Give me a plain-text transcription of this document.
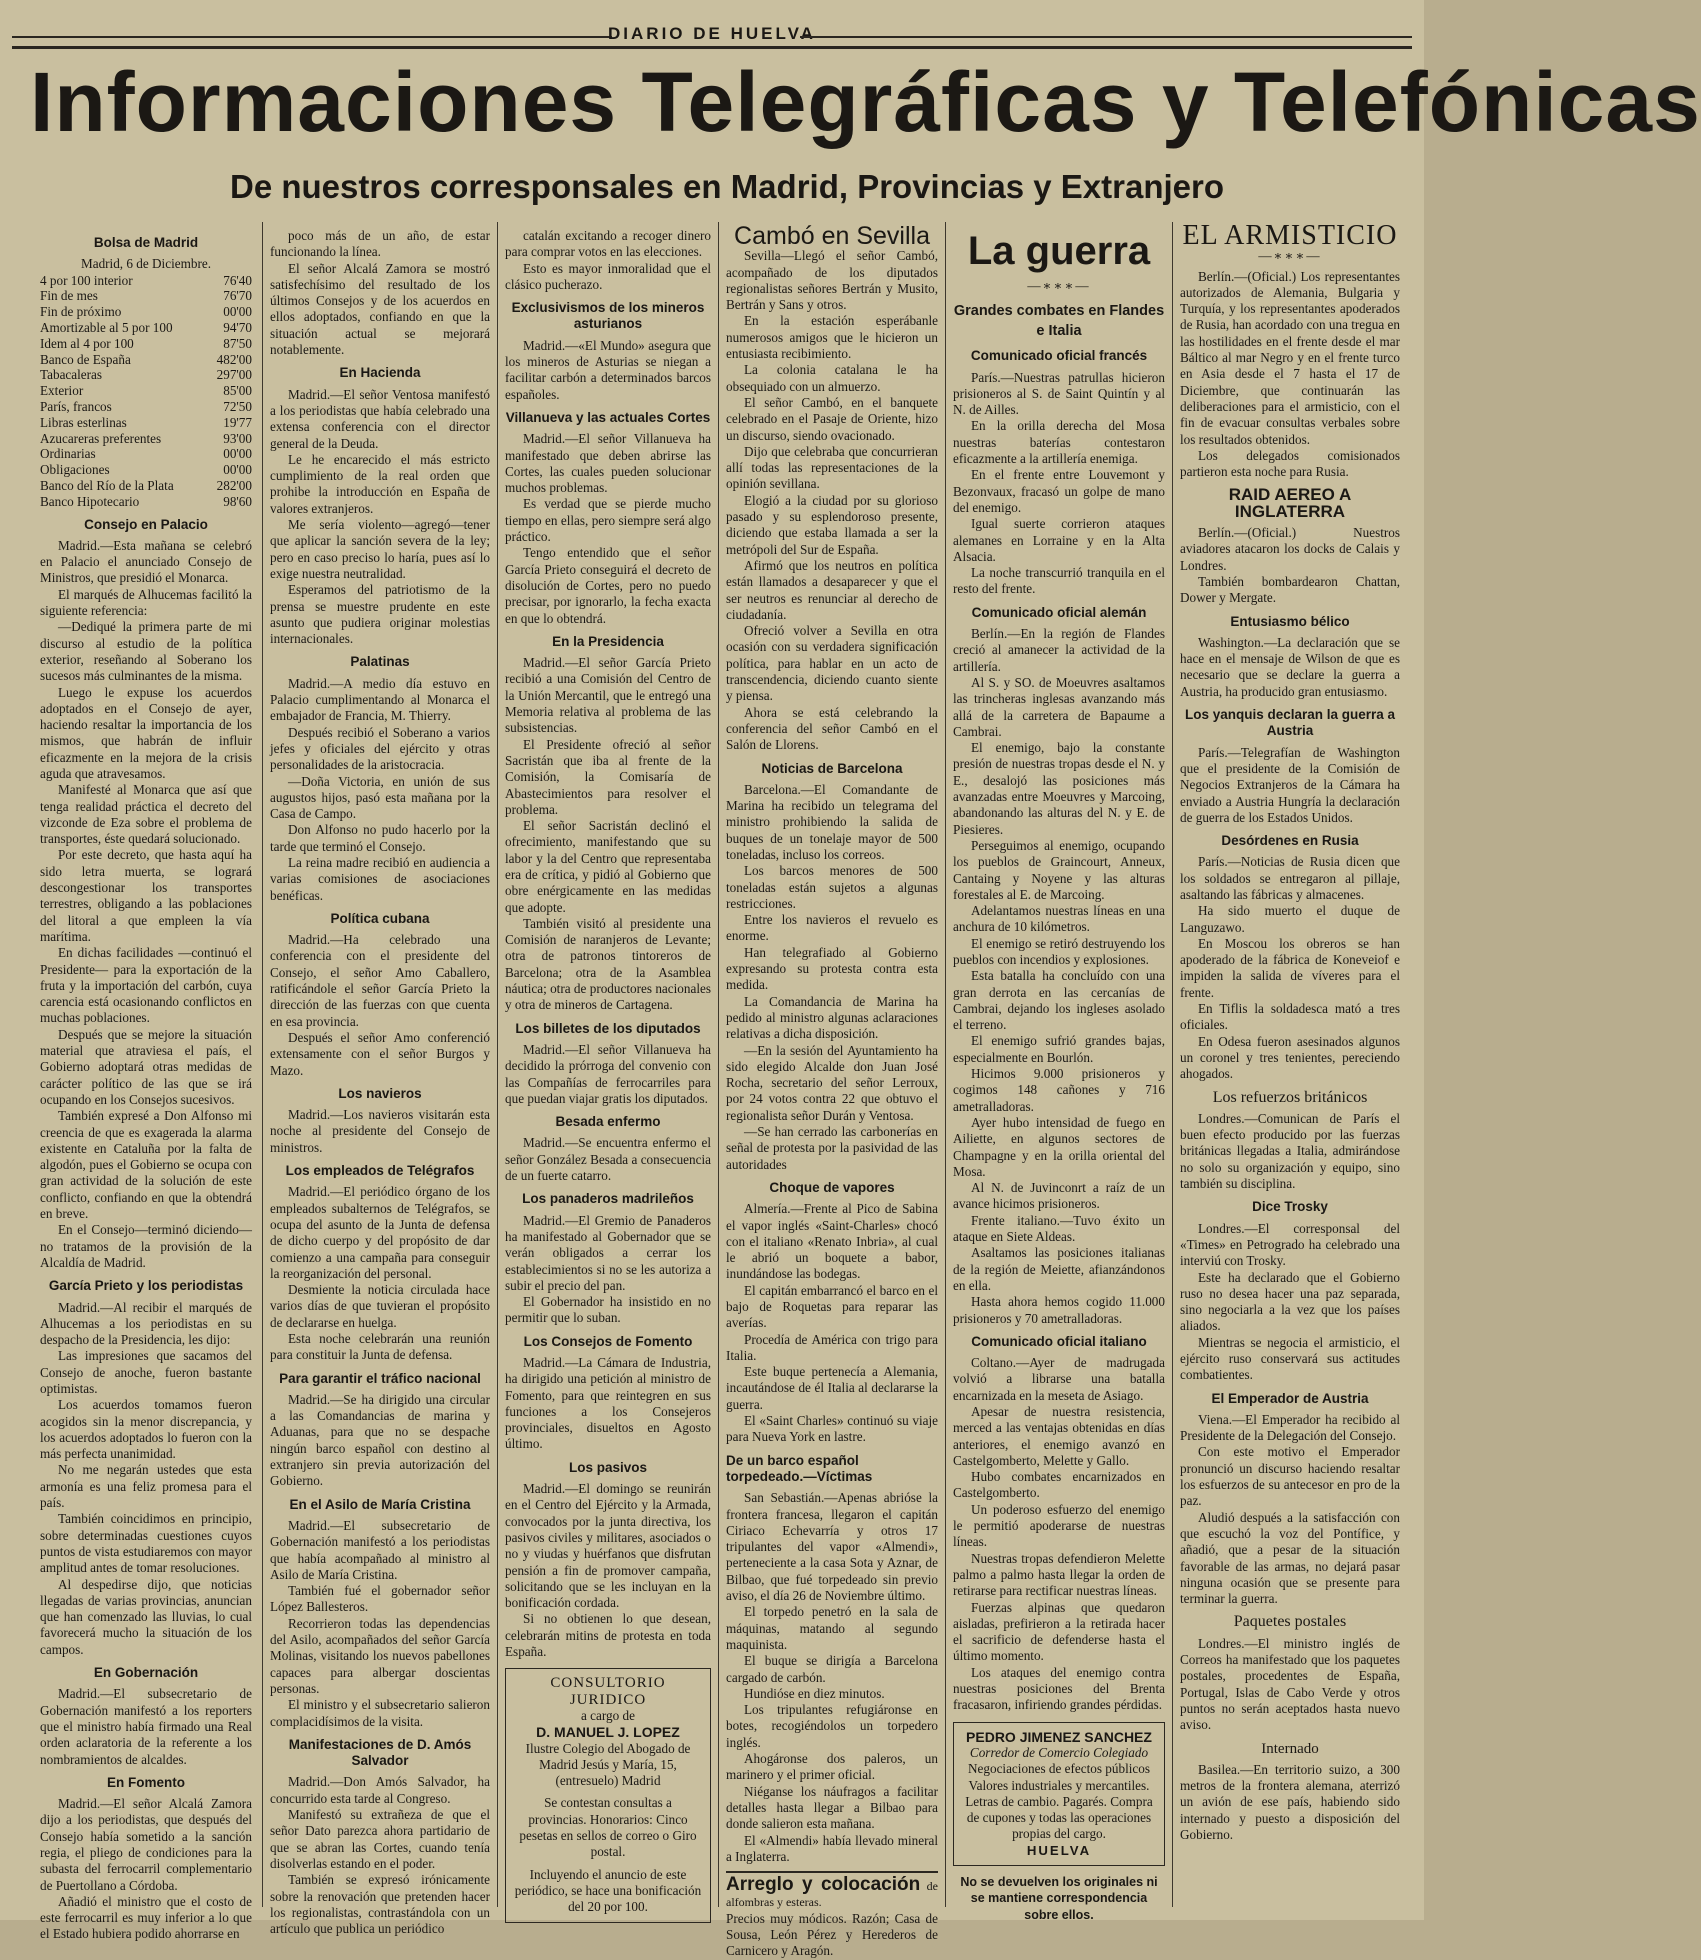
DIARIO DE HUELVA
Informaciones Telegráficas y Telefónicas
De nuestros corresponsales en Madrid, Provincias y Extranjero
Bolsa de Madrid

Madrid, 6 de Diciembre.

4 por 100 interior	76'40
Fin de mes	76'70
Fin de próximo	00'00
Amortizable al 5 por 100	94'70
Idem al 4 por 100	87'50
Banco de España	482'00
Tabacaleras	297'00
Exterior	85'00
París, francos	72'50
Libras esterlinas	19'77
Azucareras preferentes	93'00
Ordinarias	00'00
Obligaciones	00'00
Banco del Río de la Plata	282'00
Banco Hipotecario	98'60
Consejo en Palacio

Madrid.—Esta mañana se celebró en Palacio el anunciado Consejo de Ministros, que presidió el Monarca.

El marqués de Alhucemas facilitó la siguiente referencia:

—Dediqué la primera parte de mi discurso al estudio de la política exterior, reseñando al Soberano los sucesos más culminantes de la misma.

Luego le expuse los acuerdos adoptados en el Consejo de ayer, haciendo resaltar la importancia de los mismos, que habrán de influir eficazmente en la mejora de la crisis aguda que atravesamos.

Manifesté al Monarca que así que tenga realidad práctica el decreto del vizconde de Eza sobre el problema de transportes, éste quedará solucionado.

Por este decreto, que hasta aquí ha sido letra muerta, se logrará descongestionar los transportes terrestres, obligando a las poblaciones del litoral a que empleen la vía marítima.

En dichas facilidades —continuó el Presidente— para la exportación de la fruta y la importación del carbón, cuya carencia está ocasionando conflictos en muchas poblaciones.

Después que se mejore la situación material que atraviesa el país, el Gobierno adoptará otras medidas de carácter político de las que se irá ocupando en los Consejos sucesivos.

También expresé a Don Alfonso mi creencia de que es exagerada la alarma existente en Cataluña por la falta de algodón, pues el Gobierno se ocupa con gran actividad de la solución de este conflicto, confiando en que la obtendrá en breve.

En el Consejo—terminó diciendo—no tratamos de la provisión de la Alcaldía de Madrid.

García Prieto y los periodistas

Madrid.—Al recibir el marqués de Alhucemas a los periodistas en su despacho de la Presidencia, les dijo:

Las impresiones que sacamos del Consejo de anoche, fueron bastante optimistas.

Los acuerdos tomamos fueron acogidos sin la menor discrepancia, y los acuerdos adoptados lo fueron con la más perfecta unanimidad.

No me negarán ustedes que esta armonía es una feliz promesa para el país.

También coincidimos en principio, sobre determinadas cuestiones cuyos puntos de vista estudiaremos con mayor amplitud antes de tomar resoluciones.

Al despedirse dijo, que noticias llegadas de varias provincias, anuncian que han comenzado las lluvias, lo cual favorecerá mucho la situación de los campos.

En Gobernación

Madrid.—El subsecretario de Gobernación manifestó a los reporters que el ministro había firmado una Real orden aclaratoria de la referente a los nombramientos de alcaldes.

En Fomento

Madrid.—El señor Alcalá Zamora dijo a los periodistas, que después del Consejo había sometido a la sanción regia, el pliego de condiciones para la subasta del ferrocarril complementario de Puertollano a Córdoba.

Añadió el ministro que el costo de este ferrocarril es muy inferior a lo que el Estado hubiera podido ahorrarse en

poco más de un año, de estar funcionando la línea.

El señor Alcalá Zamora se mostró satisfechísimo del resultado de los últimos Consejos y de los acuerdos en ellos adoptados, confiando en que la situación actual se mejorará notablemente.

En Hacienda

Madrid.—El señor Ventosa manifestó a los periodistas que había celebrado una extensa conferencia con el director general de la Deuda.

Le he encarecido el más estricto cumplimiento de la real orden que prohibe la introducción en España de valores extranjeros.

Me sería violento—agregó—tener que aplicar la sanción severa de la ley; pero en caso preciso lo haría, pues así lo exige nuestra neutralidad.

Esperamos del patriotismo de la prensa se muestre prudente en este asunto que pudiera originar molestias internacionales.

Palatinas

Madrid.—A medio día estuvo en Palacio cumplimentando al Monarca el embajador de Francia, M. Thierry.

Después recibió el Soberano a varios jefes y oficiales del ejército y otras personalidades de la aristocracia.

—Doña Victoria, en unión de sus augustos hijos, pasó esta mañana por la Casa de Campo.

Don Alfonso no pudo hacerlo por la tarde que terminó el Consejo.

La reina madre recibió en audiencia a varias comisiones de asociaciones benéficas.

Política cubana

Madrid.—Ha celebrado una conferencia con el presidente del Consejo, el señor Amo Caballero, ratificándole el señor García Prieto la dirección de las fuerzas con que cuenta en esa provincia.

Después el señor Amo conferenció extensamente con el señor Burgos y Mazo.

Los navieros

Madrid.—Los navieros visitarán esta noche al presidente del Consejo de ministros.

Los empleados de Telégrafos

Madrid.—El periódico órgano de los empleados subalternos de Telégrafos, se ocupa del asunto de la Junta de defensa de dicho cuerpo y del propósito de dar comienzo a una campaña para conseguir la reorganización del personal.

Desmiente la noticia circulada hace varios días de que tuvieran el propósito de declararse en huelga.

Esta noche celebrarán una reunión para constituir la Junta de defensa.

Para garantir el tráfico nacional

Madrid.—Se ha dirigido una circular a las Comandancias de marina y Aduanas, para que no se despache ningún barco español con destino al extranjero sin previa autorización del Gobierno.

En el Asilo de María Cristina

Madrid.—El subsecretario de Gobernación manifestó a los periodistas que había acompañado al ministro al Asilo de María Cristina.

También fué el gobernador señor López Ballesteros.

Recorrieron todas las dependencias del Asilo, acompañados del señor García Molinas, visitando los nuevos pabellones capaces para albergar doscientas personas.

El ministro y el subsecretario salieron complacidísimos de la visita.

Manifestaciones de D. Amós Salvador

Madrid.—Don Amós Salvador, ha concurrido esta tarde al Congreso.

Manifestó su extrañeza de que el señor Dato parezca ahora partidario de que se abran las Cortes, cuando tenía disolverlas estando en el poder.

También se expresó irónicamente sobre la renovación que pretenden hacer los regionalistas, contrastándola con un artículo que publica un periódico

catalán excitando a recoger dinero para comprar votos en las elecciones.

Esto es mayor inmoralidad que el clásico pucherazo.

Exclusivismos de los mineros asturianos

Madrid.—«El Mundo» asegura que los mineros de Asturias se niegan a facilitar carbón a determinados barcos españoles.

Villanueva y las actuales Cortes

Madrid.—El señor Villanueva ha manifestado que deben abrirse las Cortes, las cuales pueden solucionar muchos problemas.

Es verdad que se pierde mucho tiempo en ellas, pero siempre será algo práctico.

Tengo entendido que el señor García Prieto conseguirá el decreto de disolución de Cortes, pero no puedo precisar, por ignorarlo, la fecha exacta en que lo obtendrá.

En la Presidencia

Madrid.—El señor García Prieto recibió a una Comisión del Centro de la Unión Mercantil, que le entregó una Memoria relativa al problema de las subsistencias.

El Presidente ofreció al señor Sacristán que iba al frente de la Comisión, la Comisaría de Abastecimientos para resolver el problema.

El señor Sacristán declinó el ofrecimiento, manifestando que su labor y la del Centro que representaba era de crítica, y pidió al Gobierno que obre enérgicamente en las medidas que adopte.

También visitó al presidente una Comisión de naranjeros de Levante; otra de patronos tintoreros de Barcelona; otra de la Asamblea náutica; otra de productores nacionales y otra de mineros de Cartagena.

Los billetes de los diputados

Madrid.—El señor Villanueva ha decidido la prórroga del convenio con las Compañías de ferrocarriles para que puedan viajar gratis los diputados.

Besada enfermo

Madrid.—Se encuentra enfermo el señor González Besada a consecuencia de un fuerte catarro.

Los panaderos madrileños

Madrid.—El Gremio de Panaderos ha manifestado al Gobernador que se verán obligados a cerrar los establecimientos si no se les autoriza a subir el precio del pan.

El Gobernador ha insistido en no permitir que lo suban.

Los Consejos de Fomento

Madrid.—La Cámara de Industria, ha dirigido una petición al ministro de Fomento, para que reintegren en sus funciones a los Consejeros provinciales, disueltos en Agosto último.

Los pasivos

Madrid.—El domingo se reunirán en el Centro del Ejército y la Armada, convocados por la junta directiva, los pasivos civiles y militares, asociados o no y viudas y huérfanos que disfrutan pensión a fin de promover campaña, solicitando que se les incluyan en la bonificación cordada.

Si no obtienen lo que desean, celebrarán mitins de protesta en toda España.

CONSULTORIO JURIDICO
a cargo de
D. MANUEL J. LOPEZ

Ilustre Colegio del Abogado de Madrid Jesús y María, 15, (entresuelo) Madrid

Se contestan consultas a provincias. Honorarios: Cinco pesetas en sellos de correo o Giro postal.

Incluyendo el anuncio de este periódico, se hace una bonificación del 20 por 100.

Cambó en Sevilla

Sevilla—Llegó el señor Cambó, acompañado de los diputados regionalistas señores Bertrán y Musito, Bertrán y Sans y otros.

En la estación esperábanle numerosos amigos que le hicieron un entusiasta recibimiento.

La colonia catalana le ha obsequiado con un almuerzo.

El señor Cambó, en el banquete celebrado en el Pasaje de Oriente, hizo un discurso, siendo ovacionado.

Dijo que celebraba que concurrieran allí todas las representaciones de la opinión sevillana.

Elogió a la ciudad por su glorioso pasado y su esplendoroso presente, diciendo que estaba llamada a ser la metrópoli del Sur de España.

Afirmó que los neutros en política están llamados a desaparecer y que el ser neutros es renunciar al derecho de ciudadanía.

Ofreció volver a Sevilla en otra ocasión con su verdadera significación política, para hablar en un acto de transcendencia, diciendo cuanto siente y piensa.

Ahora se está celebrando la conferencia del señor Cambó en el Salón de Llorens.

Noticias de Barcelona

Barcelona.—El Comandante de Marina ha recibido un telegrama del ministro prohibiendo la salida de buques de un tonelaje mayor de 500 toneladas, incluso los correos.

Los barcos menores de 500 toneladas están sujetos a algunas restricciones.

Entre los navieros el revuelo es enorme.

Han telegrafiado al Gobierno expresando su protesta contra esta medida.

La Comandancia de Marina ha pedido al ministro algunas aclaraciones relativas a dicha disposición.

—En la sesión del Ayuntamiento ha sido elegido Alcalde don Juan José Rocha, secretario del señor Lerroux, por 24 votos contra 22 que obtuvo el regionalista señor Durán y Ventosa.

—Se han cerrado las carbonerías en señal de protesta por la pasividad de las autoridades

Choque de vapores

Almería.—Frente al Pico de Sabina el vapor inglés «Saint-Charles» chocó con el italiano «Renato Inbria», al cual le abrió un boquete a babor, inundándose las bodegas.

El capitán embarrancó el barco en el bajo de Roquetas para reparar las averías.

Procedía de América con trigo para Italia.

Este buque pertenecía a Alemania, incautándose de él Italia al declararse la guerra.

El «Saint Charles» continuó su viaje para Nueva York en lastre.

De un barco español torpedeado.—Víctimas

San Sebastián.—Apenas abrióse la frontera francesa, llegaron el capitán Ciriaco Echevarría y otros 17 tripulantes del vapor «Almendi», perteneciente a la casa Sota y Aznar, de Bilbao, que fué torpedeado sin previo aviso, el día 26 de Noviembre último.

El torpedo penetró en la sala de máquinas, matando al segundo maquinista.

El buque se dirigía a Barcelona cargado de carbón.

Hundióse en diez minutos.

Los tripulantes refugiáronse en botes, recogiéndolos un torpedero inglés.

Ahogáronse dos paleros, un marinero y el primer oficial.

Niéganse los náufragos a facilitar detalles hasta llegar a Bilbao para donde salieron esta mañana.

El «Almendi» había llevado mineral a Inglaterra.

Arreglo y colocación de alfombras y esteras.

Precios muy módicos. Razón; Casa de Sousa, León Pérez y Herederos de Carnicero y Aragón.

La guerra
—∗∗∗—
Grandes combates en Flandes e Italia
Comunicado oficial francés

París.—Nuestras patrullas hicieron prisioneros al S. de Saint Quintín y al N. de Ailles.

En la orilla derecha del Mosa nuestras baterías contestaron eficazmente a la artillería enemiga.

En el frente entre Louvemont y Bezonvaux, fracasó un golpe de mano del enemigo.

Igual suerte corrieron ataques alemanes en Lorraine y en la Alta Alsacia.

La noche transcurrió tranquila en el resto del frente.

Comunicado oficial alemán

Berlín.—En la región de Flandes creció al amanecer la actividad de la artillería.

Al S. y SO. de Moeuvres asaltamos las trincheras inglesas avanzando más allá de la carretera de Bapaume a Cambrai.

El enemigo, bajo la constante presión de nuestras tropas desde el N. y E., desalojó las posiciones más avanzadas entre Moeuvres y Marcoing, abandonando las alturas del N. y E. de Piesieres.

Perseguimos al enemigo, ocupando los pueblos de Graincourt, Anneux, Cantaing y Noyene y las alturas forestales al E. de Marcoing.

Adelantamos nuestras líneas en una anchura de 10 kilómetros.

El enemigo se retiró destruyendo los pueblos con incendios y explosiones.

Esta batalla ha concluído con una gran derrota en las cercanías de Cambrai, dejando los ingleses asolado el terreno.

El enemigo sufrió grandes bajas, especialmente en Bourlón.

Hicimos 9.000 prisioneros y cogimos 148 cañones y 716 ametralladoras.

Ayer hubo intensidad de fuego en Ailiette, en algunos sectores de Champagne y en la orilla oriental del Mosa.

Al N. de Juvinconrt a raíz de un avance hicimos prisioneros.

Frente italiano.—Tuvo éxito un ataque en Siete Aldeas.

Asaltamos las posiciones italianas de la región de Meiette, afianzándonos en ella.

Hasta ahora hemos cogido 11.000 prisioneros y 70 ametralladoras.

Comunicado oficial italiano

Coltano.—Ayer de madrugada volvió a librarse una batalla encarnizada en la meseta de Asiago.

Apesar de nuestra resistencia, merced a las ventajas obtenidas en días anteriores, el enemigo avanzó en Castelgomberto, Melette y Gallo.

Hubo combates encarnizados en Castelgomberto.

Un poderoso esfuerzo del enemigo le permitió apoderarse de nuestras líneas.

Nuestras tropas defendieron Melette palmo a palmo hasta llegar la orden de retirarse para rectificar nuestras líneas.

Fuerzas alpinas que quedaron aisladas, prefirieron a la retirada hacer el sacrificio de defenderse hasta el último momento.

Los ataques del enemigo contra nuestras posiciones del Brenta fracasaron, infiriendo grandes pérdidas.

PEDRO JIMENEZ SANCHEZ
Corredor de Comercio Colegiado

Negociaciones de efectos públicos Valores industriales y mercantiles. Letras de cambio. Pagarés. Compra de cupones y todas las operaciones propias del cargo.

HUELVA

No se devuelven los originales ni se mantiene correspondencia sobre ellos.

EL ARMISTICIO
—∗∗∗—

Berlín.—(Oficial.) Los representantes autorizados de Alemania, Bulgaria y Turquía, y los representantes apoderados de Rusia, han acordado con una tregua en las hostilidades en el frente desde el mar Báltico al mar Negro y en el frente turco en Asia desde el 7 hasta el 17 de Diciembre, que continuarán las deliberaciones para el armisticio, con el fin de evacuar consultas verbales sobre los resultados obtenidos.

Los delegados comisionados partieron esta noche para Rusia.

RAID AEREO A INGLATERRA

Berlín.—(Oficial.) Nuestros aviadores atacaron los docks de Calais y Londres.

También bombardearon Chattan, Dower y Mergate.

Entusiasmo bélico

Washington.—La declaración que se hace en el mensaje de Wilson de que es necesario que se declare la guerra a Austria, ha producido gran entusiasmo.

Los yanquis declaran la guerra a Austria

París.—Telegrafían de Washington que el presidente de la Comisión de Negocios Extranjeros de la Cámara ha enviado a Austria Hungría la declaración de guerra de los Estados Unidos.

Desórdenes en Rusia

París.—Noticias de Rusia dicen que los soldados se entregaron al pillaje, asaltando las fábricas y almacenes.

Ha sido muerto el duque de Languzawo.

En Moscou los obreros se han apoderado de la fábrica de Koneveiof e impiden la salida de víveres para el frente.

En Tiflis la soldadesca mató a tres oficiales.

En Odesa fueron asesinados algunos un coronel y tres tenientes, pereciendo ahogados.

Los refuerzos británicos

Londres.—Comunican de París el buen efecto producido por las fuerzas británicas llegadas a Italia, admirándose no solo su organización y equipo, sino también su disciplina.

Dice Trosky

Londres.—El corresponsal del «Times» en Petrogrado ha celebrado una interviú con Trosky.

Este ha declarado que el Gobierno ruso no desea hacer una paz separada, sino negociarla a la vez que los países aliados.

Mientras se negocia el armisticio, el ejército ruso conservará sus actitudes combatientes.

El Emperador de Austria

Viena.—El Emperador ha recibido al Presidente de la Delegación del Consejo.

Con este motivo el Emperador pronunció un discurso haciendo resaltar los esfuerzos de su antecesor en pro de la paz.

Aludió después a la satisfacción con que escuchó la voz del Pontífice, y añadió, que a pesar de la situación favorable de las armas, no dejará pasar ninguna ocasión que se presente para terminar la guerra.

Paquetes postales

Londres.—El ministro inglés de Correos ha manifestado que los paquetes postales, procedentes de España, Portugal, Islas de Cabo Verde y otros puntos no serán aceptados hasta nuevo aviso.

Internado

Basilea.—En territorio suizo, a 300 metros de la frontera alemana, aterrizó un avión de ese país, habiendo sido internado y puesto a disposición del Gobierno.
